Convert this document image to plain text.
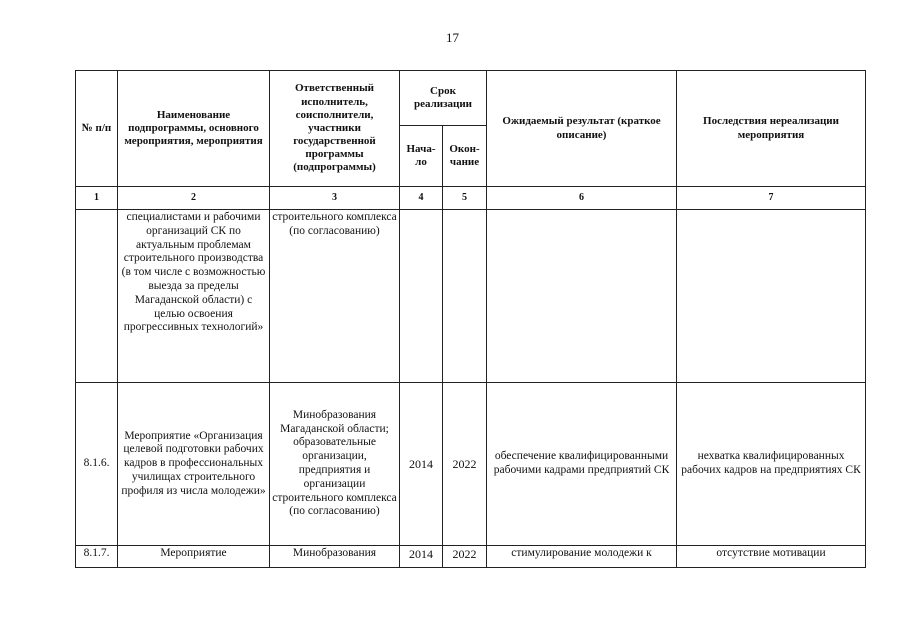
17
№ п/п	Наименование подпрограммы, основного мероприятия, мероприятия	Ответственный исполнитель, соисполнители, участники государственной программы (подпрограммы)	Срок реализации		Ожидаемый результат (краткое описание)	Последствия нереализации мероприятия
			Нача-ло	Окон-чание		
1	2	3	4	5	6	7
	специалистами и рабочими организаций СК по актуальным проблемам строительного производства (в том числе с возможностью выезда за пределы Магаданской области) с целью освоения прогрессивных технологий»	строительного комплекса (по согласованию)				
8.1.6.	Мероприятие «Организация целевой подготовки рабочих кадров в профессиональных училищах строительного профиля из числа молодежи»	Минобразования Магаданской области; образовательные организации, предприятия и организации строительного комплекса (по согласованию)	2014	2022	обеспечение квалифицированными рабочими кадрами предприятий СК	нехватка квалифицированных рабочих кадров на предприятиях СК
8.1.7.	Мероприятие	Минобразования	2014	2022	стимулирование молодежи к	отсутствие мотивации
